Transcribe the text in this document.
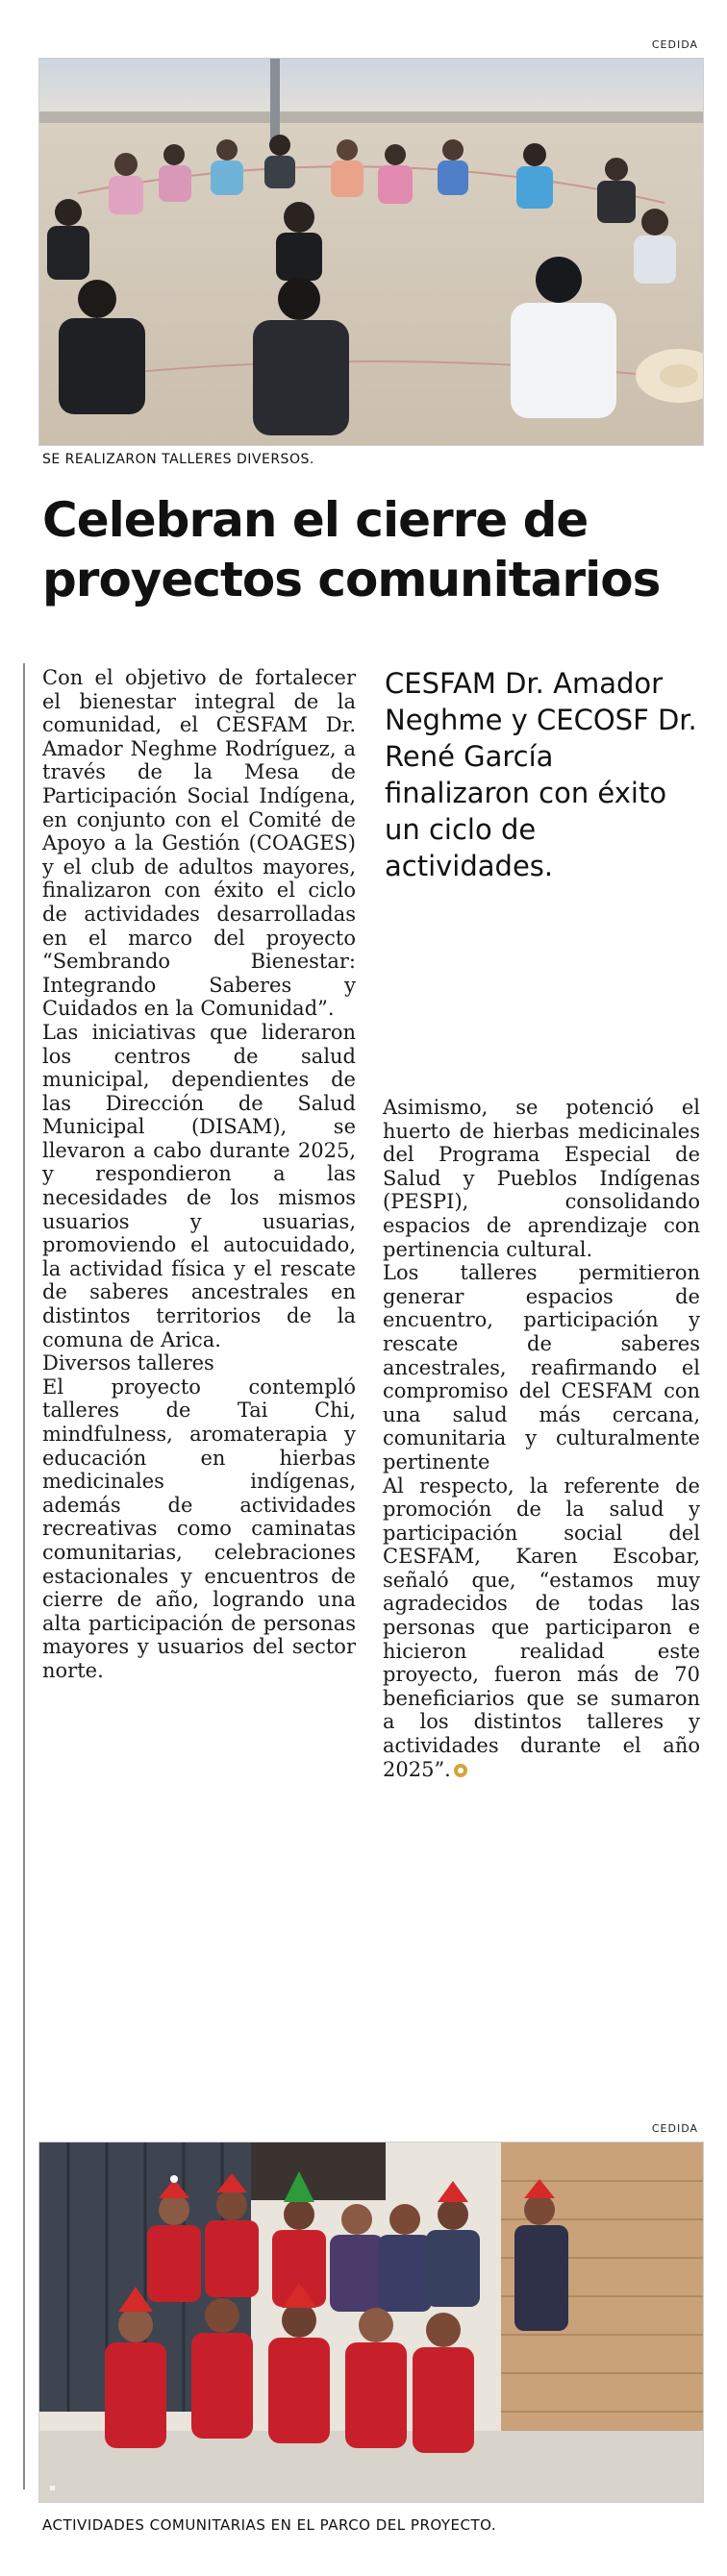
CEDIDA
SE REALIZARON TALLERES DIVERSOS.
Celebran el cierre de
proyectos comunitarios

Con el objetivo de fortalecer el bienestar integral de la comunidad, el CESFAM Dr. Amador Neghme Rodríguez, a través de la Mesa de Participación Social Indígena, en conjunto con el Comité de Apoyo a la Gestión (COAGES) y el club de adultos mayores, finalizaron con éxito el ciclo de actividades desarrolladas en el marco del proyecto “Sembrando Bienestar: Integrando Saberes y Cuidados en la Comunidad”.

Las iniciativas que lideraron los centros de salud municipal, dependientes de las Dirección de Salud Municipal (DISAM), se llevaron a cabo durante 2025, y respondieron a las necesidades de los mismos usuarios y usuarias, promoviendo el autocuidado, la actividad física y el rescate de saberes ancestrales en distintos territorios de la comuna de Arica.

Diversos talleres

El proyecto contempló talleres de Tai Chi, mindfulness, aromaterapia y educación en hierbas medicinales indígenas, además de actividades recreativas como caminatas comunitarias, celebraciones estacionales y encuentros de cierre de año, logrando una alta participación de personas mayores y usuarios del sector norte.

CESFAM Dr. Amador Neghme y CECOSF Dr. René García finalizaron con éxito un ciclo de actividades.

Asimismo, se potenció el huerto de hierbas medicinales del Programa Especial de Salud y Pueblos Indígenas (PESPI), consolidando espacios de aprendizaje con pertinencia cultural.

Los talleres permitieron generar espacios de encuentro, participación y rescate de saberes ancestrales, reafirmando el compromiso del CESFAM con una salud más cercana, comunitaria y culturalmente pertinente

Al respecto, la referente de promoción de la salud y participación social del CESFAM, Karen Escobar, señaló que, “estamos muy agradecidos de todas las personas que participaron e hicieron realidad este proyecto, fueron más de 70 beneficiarios que se sumaron a los distintos talleres y actividades durante el año 2025”.

CEDIDA
▪
ACTIVIDADES COMUNITARIAS EN EL PARCO DEL PROYECTO.
